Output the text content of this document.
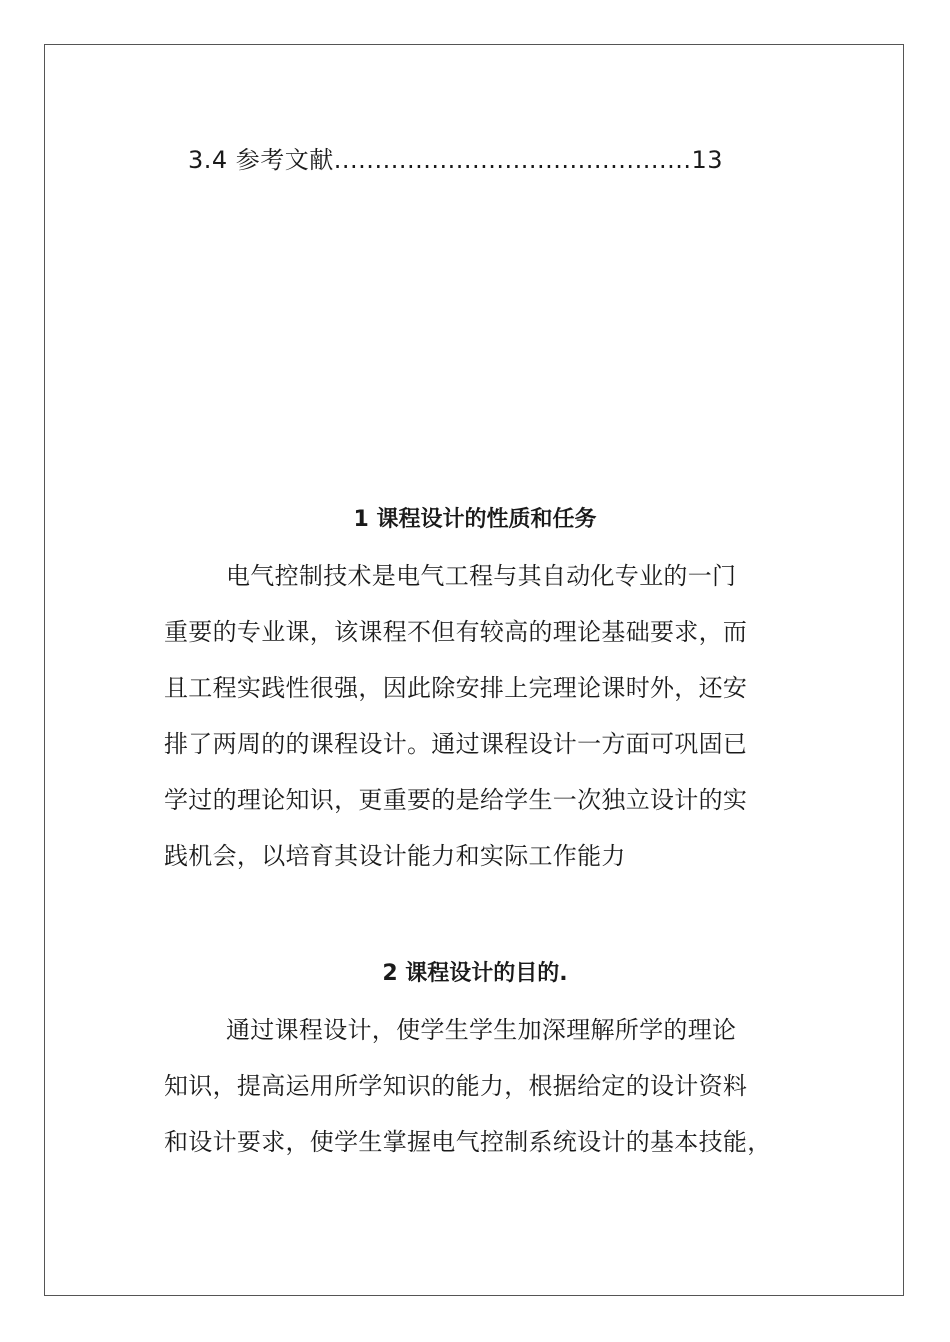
3.4 参考文献............................................13
1 课程设计的性质和任务
电气控制技术是电气工程与其自动化专业的一门
重要的专业课，该课程不但有较高的理论基础要求，而
且工程实践性很强，因此除安排上完理论课时外，还安
排了两周的的课程设计。通过课程设计一方面可巩固已
学过的理论知识，更重要的是给学生一次独立设计的实
践机会，以培育其设计能力和实际工作能力
2 课程设计的目的.
通过课程设计，使学生学生加深理解所学的理论
知识，提高运用所学知识的能力，根据给定的设计资料
和设计要求，使学生掌握电气控制系统设计的基本技能，
